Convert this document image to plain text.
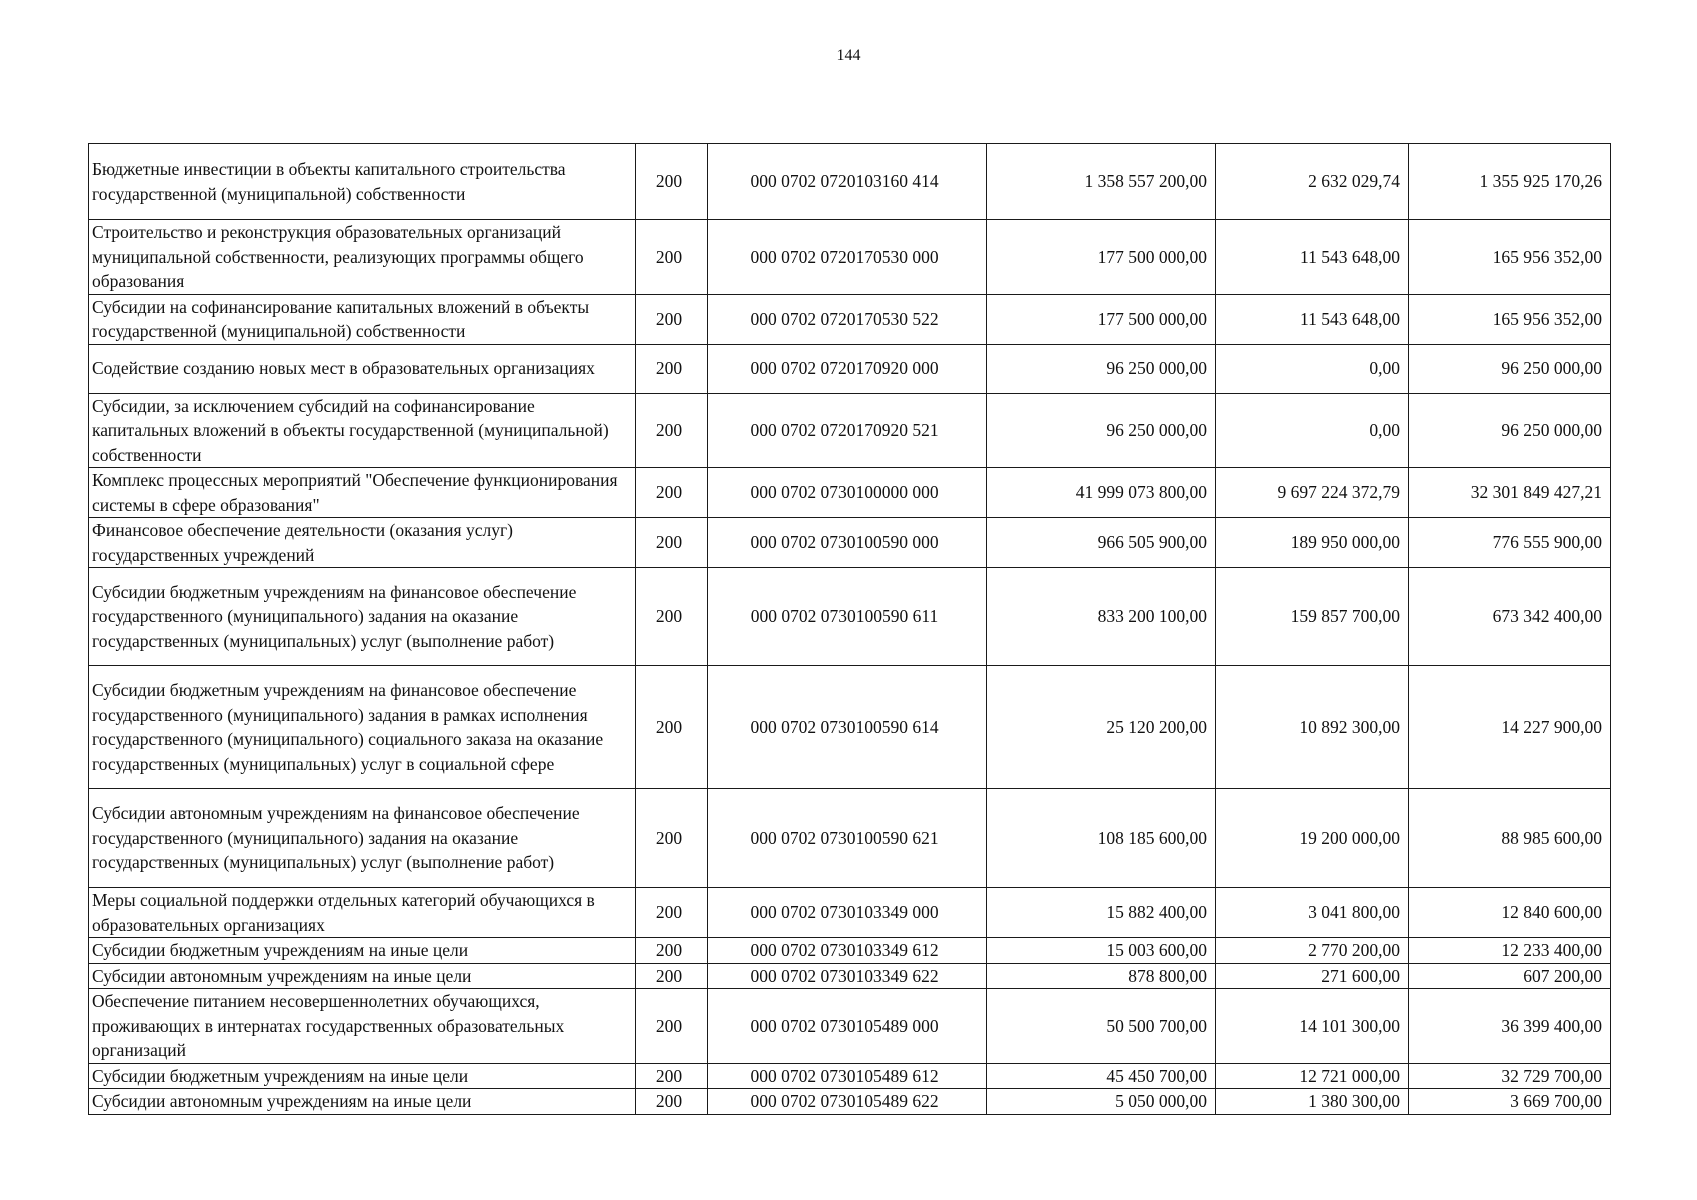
144
Бюджетные инвестиции в объекты капитального строительства государственной (муниципальной) собственности	200	000 0702 0720103160 414	1 358 557 200,00	2 632 029,74	1 355 925 170,26
Строительство и реконструкция образовательных организаций муниципальной собственности, реализующих программы общего образования	200	000 0702 0720170530 000	177 500 000,00	11 543 648,00	165 956 352,00
Субсидии на софинансирование капитальных вложений в объекты государственной (муниципальной) собственности	200	000 0702 0720170530 522	177 500 000,00	11 543 648,00	165 956 352,00
Содействие созданию новых мест в образовательных организациях	200	000 0702 0720170920 000	96 250 000,00	0,00	96 250 000,00
Субсидии, за исключением субсидий на софинансирование капитальных вложений в объекты государственной (муниципальной) собственности	200	000 0702 0720170920 521	96 250 000,00	0,00	96 250 000,00
Комплекс процессных мероприятий "Обеспечение функционирования системы в сфере образования"	200	000 0702 0730100000 000	41 999 073 800,00	9 697 224 372,79	32 301 849 427,21
Финансовое обеспечение деятельности (оказания услуг) государственных учреждений	200	000 0702 0730100590 000	966 505 900,00	189 950 000,00	776 555 900,00
Субсидии бюджетным учреждениям на финансовое обеспечение государственного (муниципального) задания на оказание государственных (муниципальных) услуг (выполнение работ)	200	000 0702 0730100590 611	833 200 100,00	159 857 700,00	673 342 400,00
Субсидии бюджетным учреждениям на финансовое обеспечение государственного (муниципального) задания в рамках исполнения государственного (муниципального) социального заказа на оказание государственных (муниципальных) услуг в социальной сфере	200	000 0702 0730100590 614	25 120 200,00	10 892 300,00	14 227 900,00
Субсидии автономным учреждениям на финансовое обеспечение государственного (муниципального) задания на оказание государственных (муниципальных) услуг (выполнение работ)	200	000 0702 0730100590 621	108 185 600,00	19 200 000,00	88 985 600,00
Меры социальной поддержки отдельных категорий обучающихся в образовательных организациях	200	000 0702 0730103349 000	15 882 400,00	3 041 800,00	12 840 600,00
Субсидии бюджетным учреждениям на иные цели	200	000 0702 0730103349 612	15 003 600,00	2 770 200,00	12 233 400,00
Субсидии автономным учреждениям на иные цели	200	000 0702 0730103349 622	878 800,00	271 600,00	607 200,00
Обеспечение питанием несовершеннолетних обучающихся, проживающих в интернатах государственных образовательных организаций	200	000 0702 0730105489 000	50 500 700,00	14 101 300,00	36 399 400,00
Субсидии бюджетным учреждениям на иные цели	200	000 0702 0730105489 612	45 450 700,00	12 721 000,00	32 729 700,00
Субсидии автономным учреждениям на иные цели	200	000 0702 0730105489 622	5 050 000,00	1 380 300,00	3 669 700,00
